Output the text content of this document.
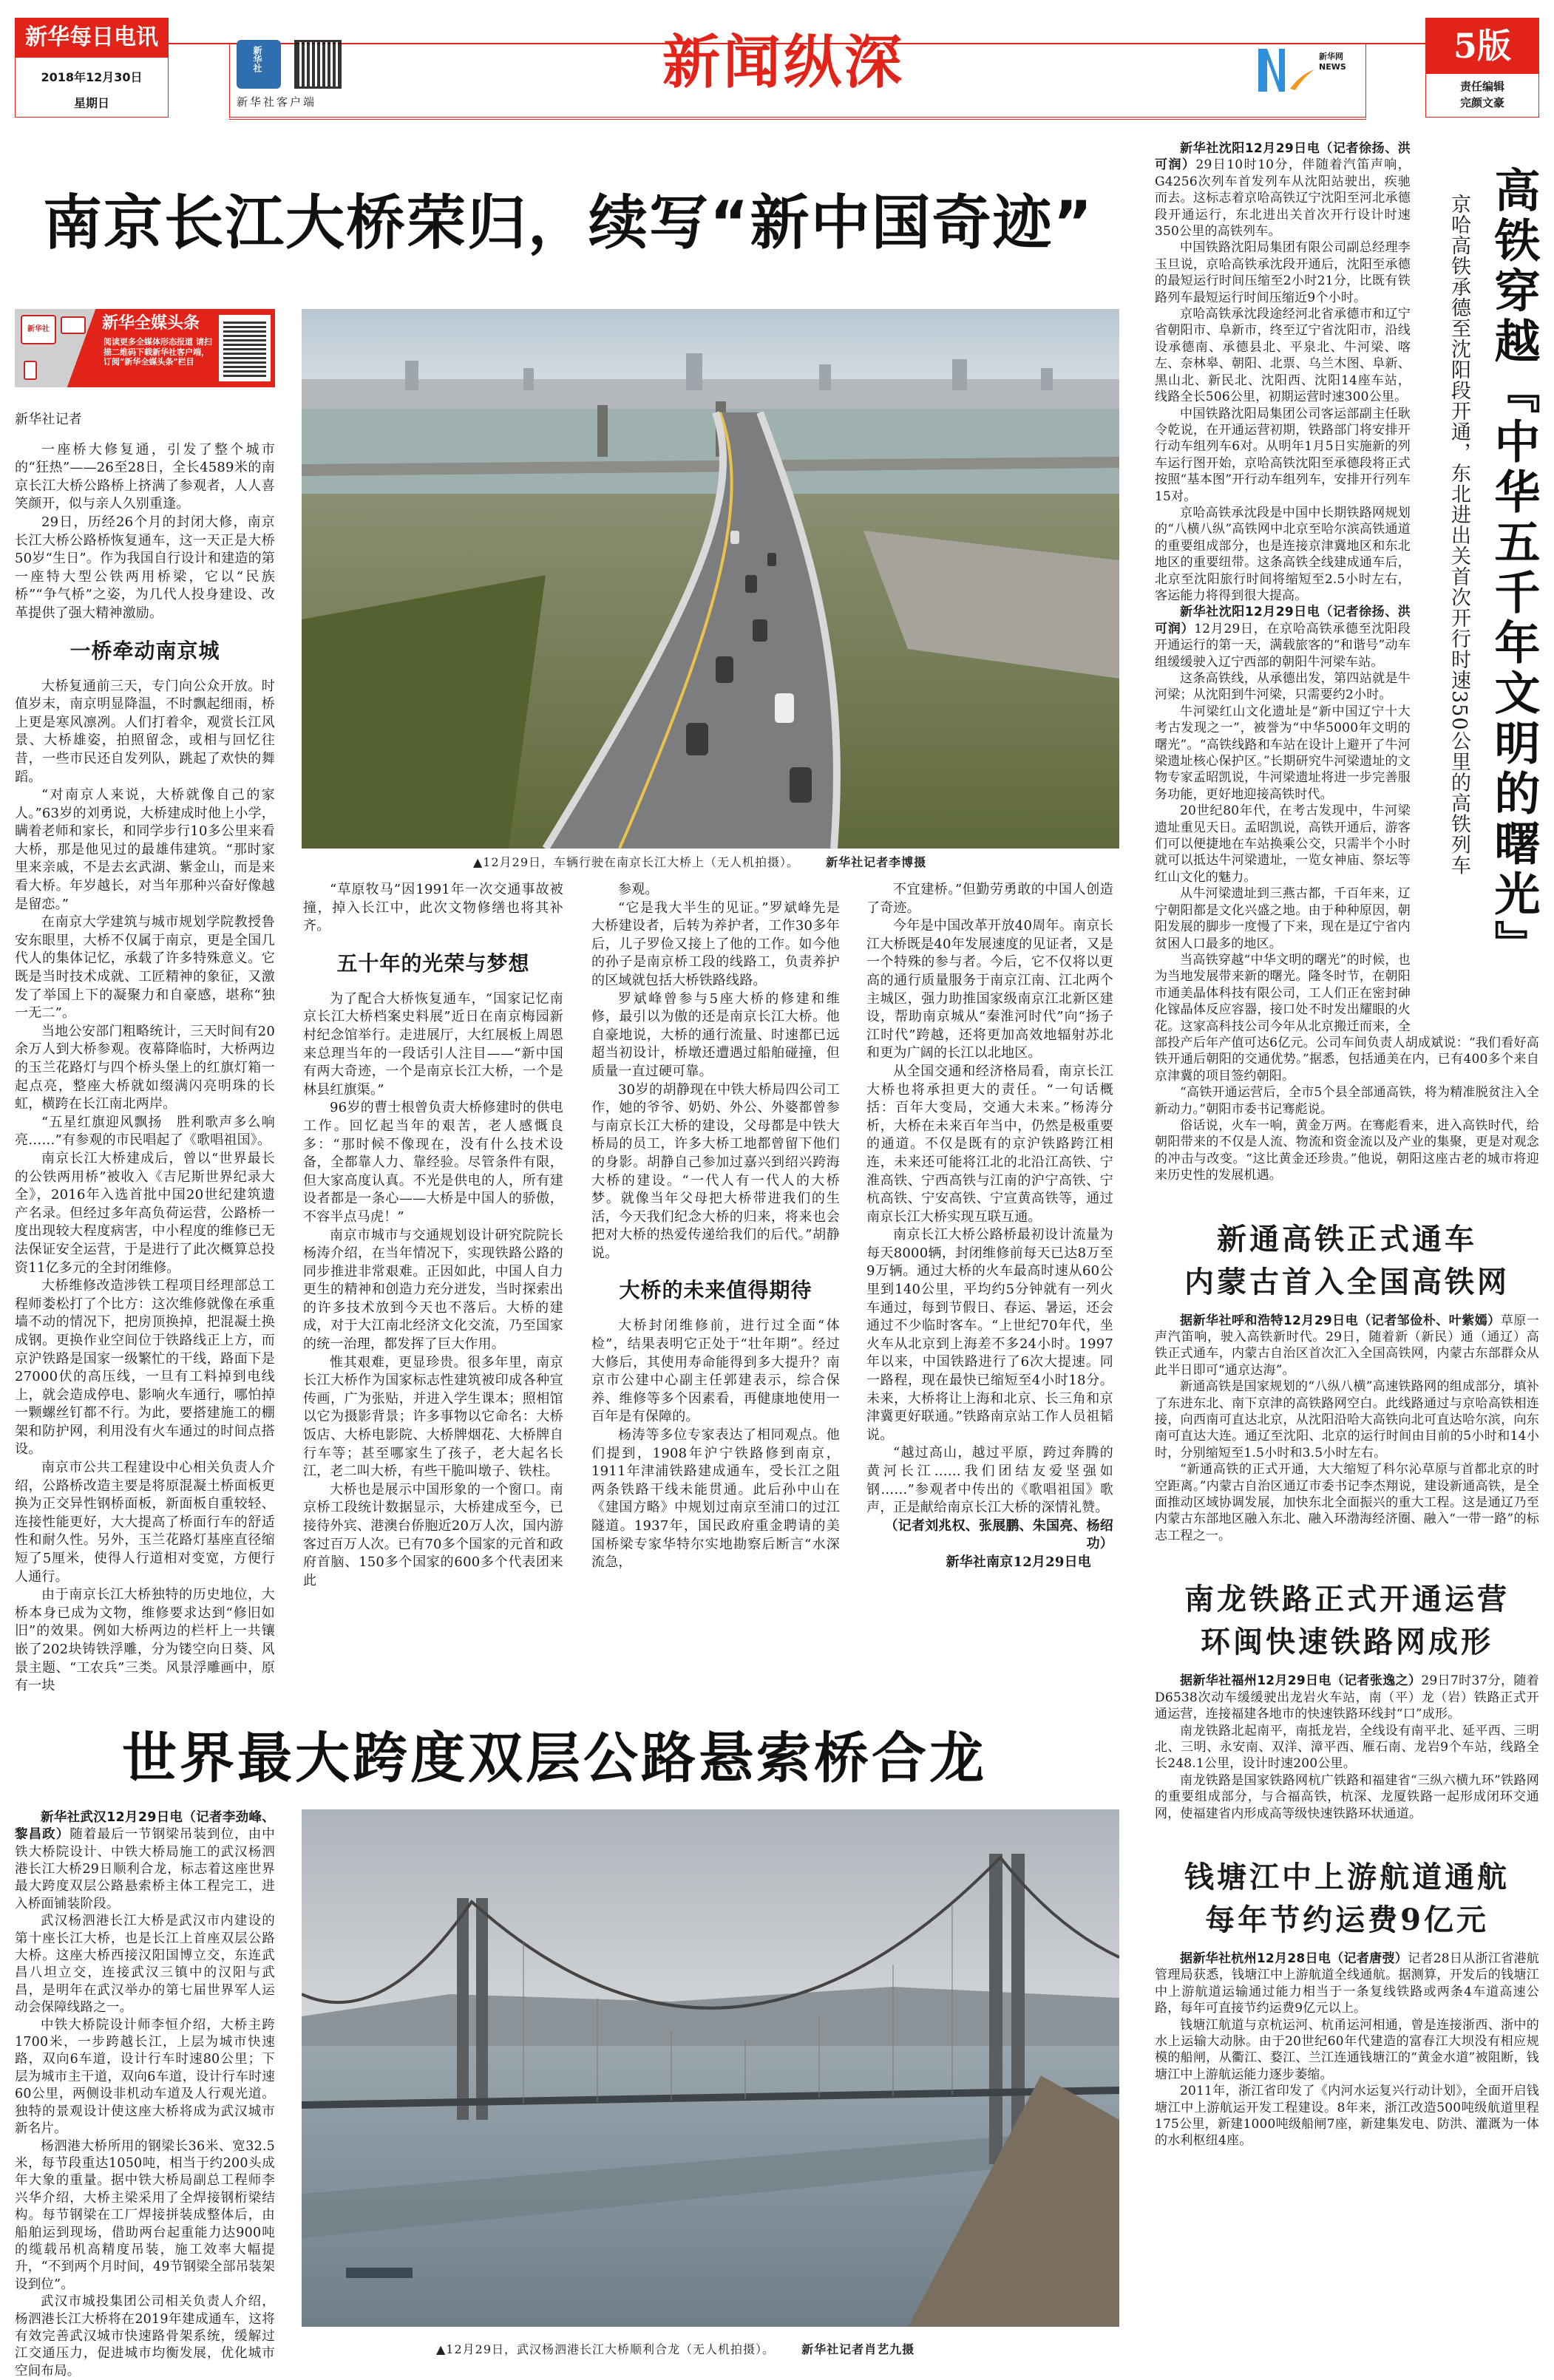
新华每日电讯
2018年12月30日
星期日
新华社
新华社客户端
新闻纵深	新华网 NEWS
5版
责任编辑
完颜文豪
南京长江大桥荣归，续写“新中国奇迹”
新华社	新华全媒头条
阅读更多全媒体形态报道 请扫描二维码下载新华社客户端，订阅“新华全媒头条”栏目
新华社记者

一座桥大修复通，引发了整个城市的“狂热”——26至28日，全长4589米的南京长江大桥公路桥上挤满了参观者，人人喜笑颜开，似与亲人久别重逢。

29日，历经26个月的封闭大修，南京长江大桥公路桥恢复通车，这一天正是大桥50岁“生日”。作为我国自行设计和建造的第一座特大型公铁两用桥梁，它以“民族桥”“争气桥”之姿，为几代人投身建设、改革提供了强大精神激励。

一桥牵动南京城

大桥复通前三天，专门向公众开放。时值岁末，南京明显降温，不时飘起细雨，桥上更是寒风凛冽。人们打着伞，观赏长江风景、大桥雄姿，拍照留念，或相与回忆往昔，一些市民还自发列队，跳起了欢快的舞蹈。

“对南京人来说，大桥就像自己的家人。”63岁的刘勇说，大桥建成时他上小学，瞒着老师和家长，和同学步行10多公里来看大桥，那是他见过的最雄伟建筑。“那时家里来亲戚，不是去玄武湖、紫金山，而是来看大桥。年岁越长，对当年那种兴奋好像越是留恋。”

在南京大学建筑与城市规划学院教授鲁安东眼里，大桥不仅属于南京，更是全国几代人的集体记忆，承载了许多特殊意义。它既是当时技术成就、工匠精神的象征，又激发了举国上下的凝聚力和自豪感，堪称“独一无二”。

当地公安部门粗略统计，三天时间有20余万人到大桥参观。夜幕降临时，大桥两边的玉兰花路灯与四个桥头堡上的红旗灯箱一起点亮，整座大桥就如缀满闪亮明珠的长虹，横跨在长江南北两岸。

“五星红旗迎风飘扬　胜利歌声多么响亮……”有参观的市民唱起了《歌唱祖国》。

南京长江大桥建成后，曾以“世界最长的公铁两用桥”被收入《吉尼斯世界纪录大全》，2016年入选首批中国20世纪建筑遗产名录。但经过多年高负荷运营，公路桥一度出现较大程度病害，中小程度的维修已无法保证安全运营，于是进行了此次概算总投资11亿多元的全封闭维修。

大桥维修改造涉铁工程项目经理部总工程师娄松打了个比方：这次维修就像在承重墙不动的情况下，把房顶换掉，把混凝土换成钢。更换作业空间位于铁路线正上方，而京沪铁路是国家一级繁忙的干线，路面下是27000伏的高压线，一旦有工料掉到电线上，就会造成停电、影响火车通行，哪怕掉一颗螺丝钉都不行。为此，要搭建施工的棚架和防护网，利用没有火车通过的时间点搭设。

南京市公共工程建设中心相关负责人介绍，公路桥改造主要是将原混凝土桥面板更换为正交异性钢桥面板，新面板自重较轻、连接性能更好，大大提高了桥面行车的舒适性和耐久性。另外，玉兰花路灯基座直径缩短了5厘米，使得人行道相对变宽，方便行人通行。

由于南京长江大桥独特的历史地位，大桥本身已成为文物，维修要求达到“修旧如旧”的效果。例如大桥两边的栏杆上一共镶嵌了202块铸铁浮雕，分为镂空向日葵、风景主题、“工农兵”三类。风景浮雕画中，原有一块

▲12月29日，车辆行驶在南京长江大桥上（无人机拍摄）。 新华社记者李博摄

“草原牧马”因1991年一次交通事故被撞，掉入长江中，此次文物修缮也将其补齐。

五十年的光荣与梦想

为了配合大桥恢复通车，“国家记忆南京长江大桥档案史料展”近日在南京梅园新村纪念馆举行。走进展厅，大红展板上周恩来总理当年的一段话引人注目——“新中国有两大奇迹，一个是南京长江大桥，一个是林县红旗渠。”

96岁的曹士根曾负责大桥修建时的供电工作。回忆起当年的艰苦，老人感慨良多：“那时候不像现在，没有什么技术设备，全都靠人力、靠经验。尽管条件有限，但大家高度认真。不光是供电的人，所有建设者都是一条心——大桥是中国人的骄傲，不容半点马虎！”

南京市城市与交通规划设计研究院院长杨涛介绍，在当年情况下，实现铁路公路的同步推进非常艰难。正因如此，中国人自力更生的精神和创造力充分迸发，当时探索出的许多技术放到今天也不落后。大桥的建成，对于大江南北经济文化交流，乃至国家的统一治理，都发挥了巨大作用。

惟其艰难，更显珍贵。很多年里，南京长江大桥作为国家标志性建筑被印成各种宣传画，广为张贴，并进入学生课本；照相馆以它为摄影背景；许多事物以它命名：大桥饭店、大桥电影院、大桥牌烟花、大桥牌自行车等；甚至哪家生了孩子，老大起名长江，老二叫大桥，有些干脆叫墩子、铁柱。

大桥也是展示中国形象的一个窗口。南京桥工段统计数据显示，大桥建成至今，已接待外宾、港澳台侨胞近20万人次，国内游客过百万人次。已有70多个国家的元首和政府首脑、150多个国家的600多个代表团来此

参观。

“它是我大半生的见证。”罗斌峰先是大桥建设者，后转为养护者，工作30多年后，儿子罗俭又接上了他的工作。如今他的孙子是南京桥工段的线路工，负责养护的区域就包括大桥铁路线路。

罗斌峰曾参与5座大桥的修建和维修，最引以为傲的还是南京长江大桥。他自豪地说，大桥的通行流量、时速都已远超当初设计，桥墩还遭遇过船舶碰撞，但质量一直过硬可靠。

30岁的胡静现在中铁大桥局四公司工作，她的爷爷、奶奶、外公、外婆都曾参与南京长江大桥的建设，父母都是中铁大桥局的员工，许多大桥工地都曾留下他们的身影。胡静自己参加过嘉兴到绍兴跨海大桥的建设。“一代人有一代人的大桥梦。就像当年父母把大桥带进我们的生活，今天我们纪念大桥的归来，将来也会把对大桥的热爱传递给我们的后代。”胡静说。

大桥的未来值得期待

大桥封闭维修前，进行过全面“体检”，结果表明它正处于“壮年期”。经过大修后，其使用寿命能得到多大提升？南京市公建中心副主任郭建表示，综合保养、维修等多个因素看，再健康地使用一百年是有保障的。

杨涛等多位专家表达了相同观点。他们提到，1908年沪宁铁路修到南京，1911年津浦铁路建成通车，受长江之阻两条铁路干线未能贯通。此后孙中山在《建国方略》中规划过南京至浦口的过江隧道。1937年，国民政府重金聘请的美国桥梁专家华特尔实地勘察后断言“水深流急，

不宜建桥。”但勤劳勇敢的中国人创造了奇迹。

今年是中国改革开放40周年。南京长江大桥既是40年发展速度的见证者，又是一个特殊的参与者。今后，它不仅将以更高的通行质量服务于南京江南、江北两个主城区，强力助推国家级南京江北新区建设，帮助南京城从“秦淮河时代”向“扬子江时代”跨越，还将更加高效地辐射苏北和更为广阔的长江以北地区。

从全国交通和经济格局看，南京长江大桥也将承担更大的责任。“一句话概括：百年大变局，交通大未来。”杨涛分析，大桥在未来百年当中，仍然是极重要的通道。不仅是既有的京沪铁路跨江相连，未来还可能将江北的北沿江高铁、宁淮高铁、宁西高铁与江南的沪宁高铁、宁杭高铁、宁安高铁、宁宣黄高铁等，通过南京长江大桥实现互联互通。

南京长江大桥公路桥最初设计流量为每天8000辆，封闭维修前每天已达8万至9万辆。通过大桥的火车最高时速从60公里到140公里，平均约5分钟就有一列火车通过，每到节假日、春运、暑运，还会通过不少临时客车。“上世纪70年代，坐火车从北京到上海差不多24小时。1997年以来，中国铁路进行了6次大提速。同一路程，现在最快已缩短至4小时18分。未来，大桥将让上海和北京、长三角和京津冀更好联通。”铁路南京站工作人员祖韬说。

“越过高山，越过平原，跨过奔腾的黄河长江……我们团结友爱坚强如钢……”参观者中传出的《歌唱祖国》歌声，正是献给南京长江大桥的深情礼赞。

（记者刘兆权、张展鹏、朱国亮、杨绍功）
新华社南京12月29日电
世界最大跨度双层公路悬索桥合龙

新华社武汉12月29日电（记者李劲峰、黎昌政）随着最后一节钢梁吊装到位，由中铁大桥院设计、中铁大桥局施工的武汉杨泗港长江大桥29日顺利合龙，标志着这座世界最大跨度双层公路悬索桥主体工程完工，进入桥面铺装阶段。

武汉杨泗港长江大桥是武汉市内建设的第十座长江大桥，也是长江上首座双层公路大桥。这座大桥西接汉阳国博立交，东连武昌八坦立交，连接武汉三镇中的汉阳与武昌，是明年在武汉举办的第七届世界军人运动会保障线路之一。

中铁大桥院设计师李恒介绍，大桥主跨1700米，一步跨越长江，上层为城市快速路，双向6车道，设计行车时速80公里；下层为城市主干道，双向6车道，设计行车时速60公里，两侧设非机动车道及人行观光道。独特的景观设计使这座大桥将成为武汉城市新名片。

杨泗港大桥所用的钢梁长36米、宽32.5米，每节段重达1050吨，相当于约200头成年大象的重量。据中铁大桥局副总工程师李兴华介绍，大桥主梁采用了全焊接钢桁梁结构。每节钢梁在工厂焊接拼装成整体后，由船舶运到现场，借助两台起重能力达900吨的缆载吊机高精度吊装，施工效率大幅提升，“不到两个月时间，49节钢梁全部吊装架设到位”。

武汉市城投集团公司相关负责人介绍，杨泗港长江大桥将在2019年建成通车，这将有效完善武汉城市快速路骨架系统，缓解过江交通压力，促进城市均衡发展，优化城市空间布局。

▲12月29日，武汉杨泗港长江大桥顺利合龙（无人机拍摄）。 新华社记者肖艺九摄
高铁穿越『中华五千年文明的曙光』
京哈高铁承德至沈阳段开通，东北进出关首次开行时速350公里的高铁列车

新华社沈阳12月29日电（记者徐扬、洪可润）29日10时10分，伴随着汽笛声响，G4256次列车首发列车从沈阳站驶出，疾驰而去。这标志着京哈高铁辽宁沈阳至河北承德段开通运行，东北进出关首次开行设计时速350公里的高铁列车。

中国铁路沈阳局集团有限公司副总经理李玉旦说，京哈高铁承沈段开通后，沈阳至承德的最短运行时间压缩至2小时21分，比既有铁路列车最短运行时间压缩近9个小时。

京哈高铁承沈段途经河北省承德市和辽宁省朝阳市、阜新市，终至辽宁省沈阳市，沿线设承德南、承德县北、平泉北、牛河梁、喀左、奈林皋、朝阳、北票、乌兰木图、阜新、黑山北、新民北、沈阳西、沈阳14座车站，线路全长506公里，初期运营时速300公里。

中国铁路沈阳局集团公司客运部副主任耿令乾说，在开通运营初期，铁路部门将安排开行动车组列车6对。从明年1月5日实施新的列车运行图开始，京哈高铁沈阳至承德段将正式按照“基本图”开行动车组列车，安排开行列车15对。

京哈高铁承沈段是中国中长期铁路网规划的“八横八纵”高铁网中北京至哈尔滨高铁通道的重要组成部分，也是连接京津冀地区和东北地区的重要纽带。这条高铁全线建成通车后，北京至沈阳旅行时间将缩短至2.5小时左右，客运能力将得到很大提高。

新华社沈阳12月29日电（记者徐扬、洪可润）12月29日，在京哈高铁承德至沈阳段开通运行的第一天，满载旅客的“和谐号”动车组缓缓驶入辽宁西部的朝阳牛河梁车站。

这条高铁线，从承德出发，第四站就是牛河梁；从沈阳到牛河梁，只需要约2小时。

牛河梁红山文化遗址是“新中国辽宁十大考古发现之一”，被誉为“中华5000年文明的曙光”。“高铁线路和车站在设计上避开了牛河梁遗址核心保护区。”长期研究牛河梁遗址的文物专家孟昭凯说，牛河梁遗址将进一步完善服务功能，更好地迎接高铁时代。

20世纪80年代，在考古发现中，牛河梁遗址重见天日。孟昭凯说，高铁开通后，游客们可以便捷地在车站换乘公交，只需半个小时就可以抵达牛河梁遗址，一览女神庙、祭坛等红山文化的魅力。

从牛河梁遗址到三燕古都，千百年来，辽宁朝阳都是文化兴盛之地。由于种种原因，朝阳发展的脚步一度慢了下来，现在是辽宁省内贫困人口最多的地区。

当高铁穿越“中华文明的曙光”的时候，也为当地发展带来新的曙光。隆冬时节，在朝阳市通美晶体科技有限公司，工人们正在密封砷化镓晶体反应容器，接口处不时发出耀眼的火花。这家高科技公司今年从北京搬迁而来，全部投产后年产值可达6亿元。公司车间负责人胡成斌说：“我们看好高铁开通后朝阳的交通优势。”据悉，包括通美在内，已有400多个来自京津冀的项目签约朝阳。

“高铁开通运营后，全市5个县全部通高铁，将为精准脱贫注入全新动力。”朝阳市委书记骞彪说。

俗话说，火车一响，黄金万两。在骞彪看来，进入高铁时代，给朝阳带来的不仅是人流、物流和资金流以及产业的集聚，更是对观念的冲击与改变。“这比黄金还珍贵。”他说，朝阳这座古老的城市将迎来历史性的发展机遇。

新通高铁正式通车
内蒙古首入全国高铁网

据新华社呼和浩特12月29日电（记者邹俭朴、叶紫嫣）草原一声汽笛响，驶入高铁新时代。29日，随着新（新民）通（通辽）高铁正式通车，内蒙古自治区首次汇入全国高铁网，内蒙古东部群众从此半日即可“通京达海”。

新通高铁是国家规划的“八纵八横”高速铁路网的组成部分，填补了东进东北、南下京津的高铁路网空白。此线路通过与京哈高铁相连接，向西南可直达北京，从沈阳沿哈大高铁向北可直达哈尔滨，向东南可直达大连。通辽至沈阳、北京的运行时间由目前的5小时和14小时，分别缩短至1.5小时和3.5小时左右。

“新通高铁的正式开通，大大缩短了科尔沁草原与首都北京的时空距离。”内蒙古自治区通辽市委书记李杰翔说，建设新通高铁，是全面推动区域协调发展，加快东北全面振兴的重大工程。这是通辽乃至内蒙古东部地区融入东北、融入环渤海经济圈、融入“一带一路”的标志工程之一。

南龙铁路正式开通运营
环闽快速铁路网成形

据新华社福州12月29日电（记者张逸之）29日7时37分，随着D6538次动车缓缓驶出龙岩火车站，南（平）龙（岩）铁路正式开通运营，连接福建各地市的快速铁路环线封“口”成形。

南龙铁路北起南平，南抵龙岩，全线设有南平北、延平西、三明北、三明、永安南、双洋、漳平西、雁石南、龙岩9个车站，线路全长248.1公里，设计时速200公里。

南龙铁路是国家铁路网杭广铁路和福建省“三纵六横九环”铁路网的重要组成部分，与合福高铁，杭深、龙厦铁路一起形成闭环交通网，使福建省内形成高等级快速铁路环状通道。

钱塘江中上游航道通航
每年节约运费9亿元

据新华社杭州12月28日电（记者唐弢）记者28日从浙江省港航管理局获悉，钱塘江中上游航道全线通航。据测算，开发后的钱塘江中上游航道运输通过能力相当于一条复线铁路或两条4车道高速公路，每年可直接节约运费9亿元以上。

钱塘江航道与京杭运河、杭甬运河相通，曾是连接浙西、浙中的水上运输大动脉。由于20世纪60年代建造的富春江大坝没有相应规模的船闸，从衢江、婺江、兰江连通钱塘江的“黄金水道”被阻断，钱塘江中上游航运能力逐步萎缩。

2011年，浙江省印发了《内河水运复兴行动计划》，全面开启钱塘江中上游航运开发工程建设。8年来，浙江改造500吨级航道里程175公里，新建1000吨级船闸7座，新建集发电、防洪、灌溉为一体的水利枢纽4座。
